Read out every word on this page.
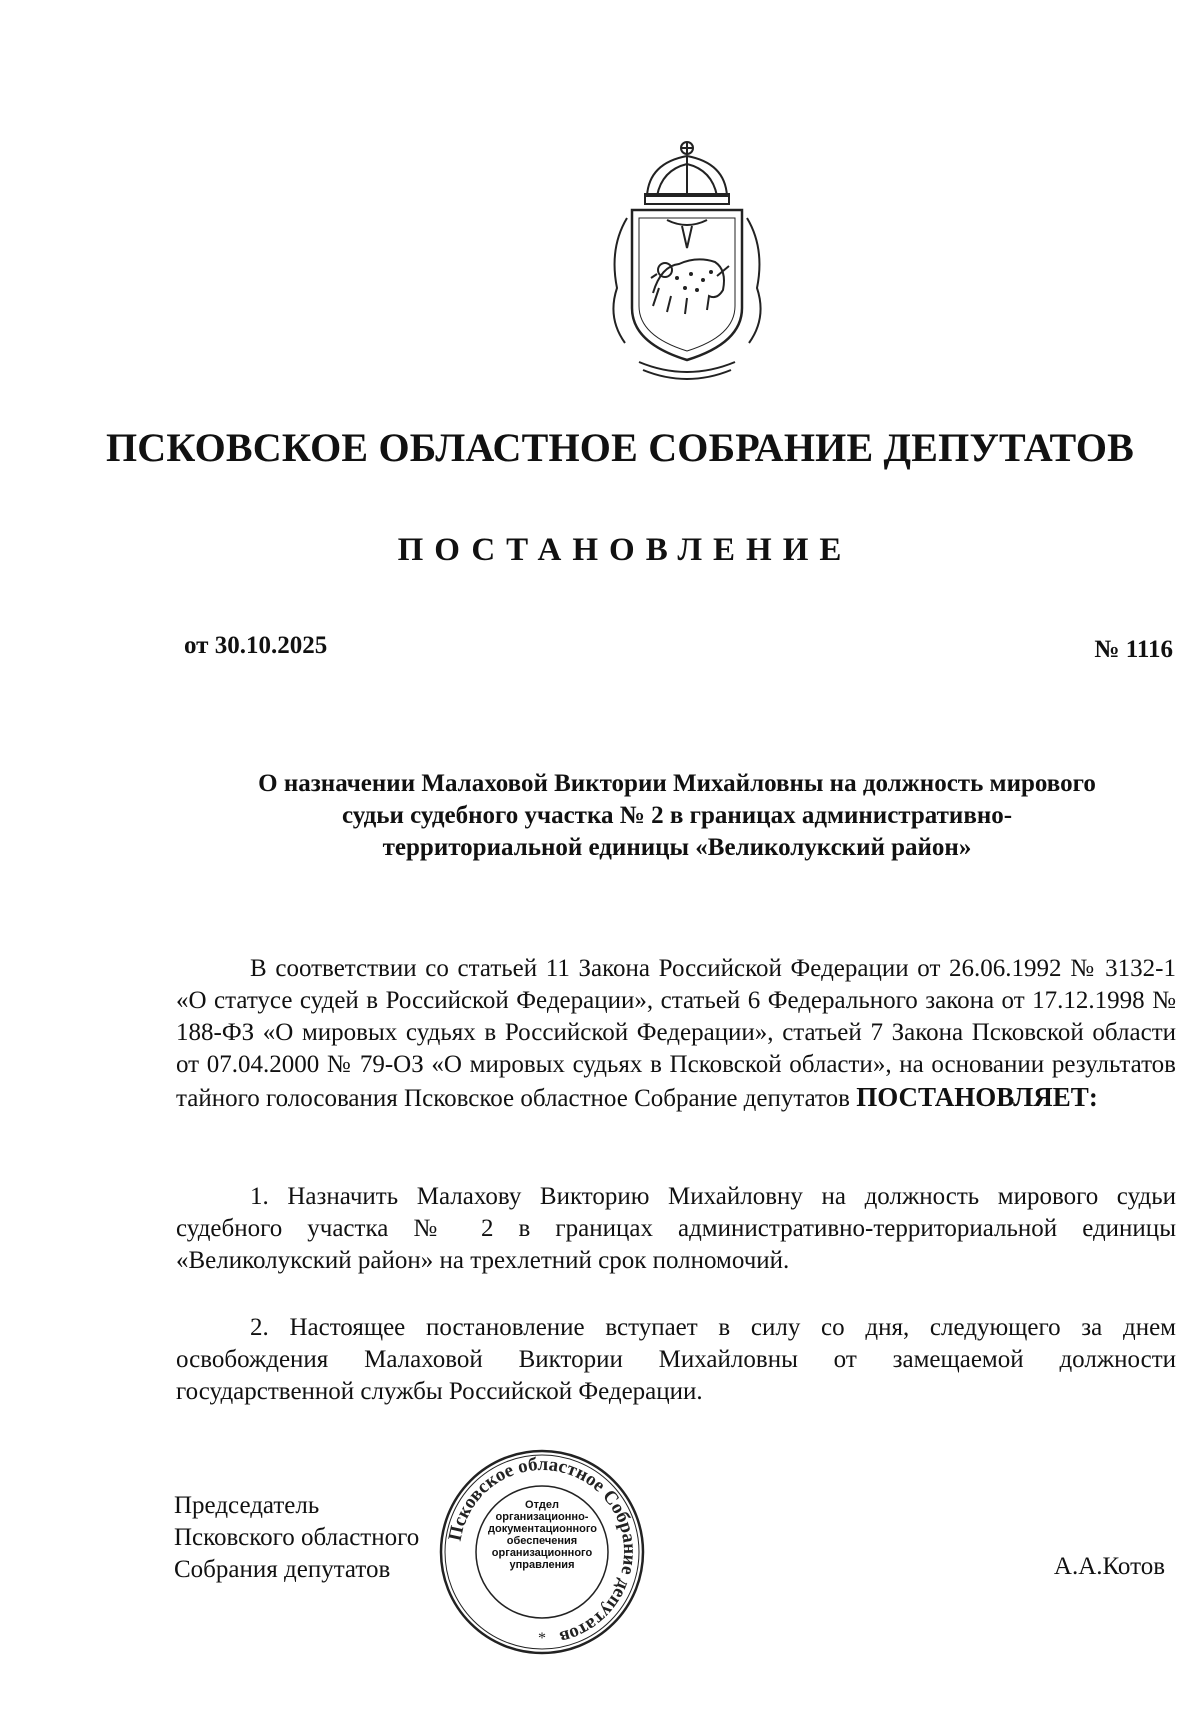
ПСКОВСКОЕ ОБЛАСТНОЕ СОБРАНИЕ ДЕПУТАТОВ
ПОСТАНОВЛЕНИЕ
от 30.10.2025	№ 1116
О назначении Малаховой Виктории Михайловны на должность мирового
судьи судебного участка № 2 в границах административно-
территориальной единицы «Великолукский район»
В соответствии со статьей 11 Закона Российской Федерации от 26.06.1992 № 3132-1 «О статусе судей в Российской Федерации», статьей 6 Федерального закона от 17.12.1998 № 188-ФЗ «О мировых судьях в Российской Федерации», статьей 7 Закона Псковской области от 07.04.2000 № 79-ОЗ «О мировых судьях в Псковской области», на основании результатов тайного голосования Псковское областное Собрание депутатов ПОСТАНОВЛЯЕТ:
1. Назначить Малахову Викторию Михайловну на должность мирового судьи судебного участка № 2 в границах административно-территориальной единицы «Великолукский район» на трехлетний срок полномочий.
2. Настоящее постановление вступает в силу со дня, следующего за днем освобождения Малаховой Виктории Михайловны от замещаемой должности государственной службы Российской Федерации.
Председатель
Псковского областного
Собрания депутатов
Псковское областное Собрание депутатов
*
Отдел
организационно-
документационного
обеспечения
организационного
управления	А.А.Котов
